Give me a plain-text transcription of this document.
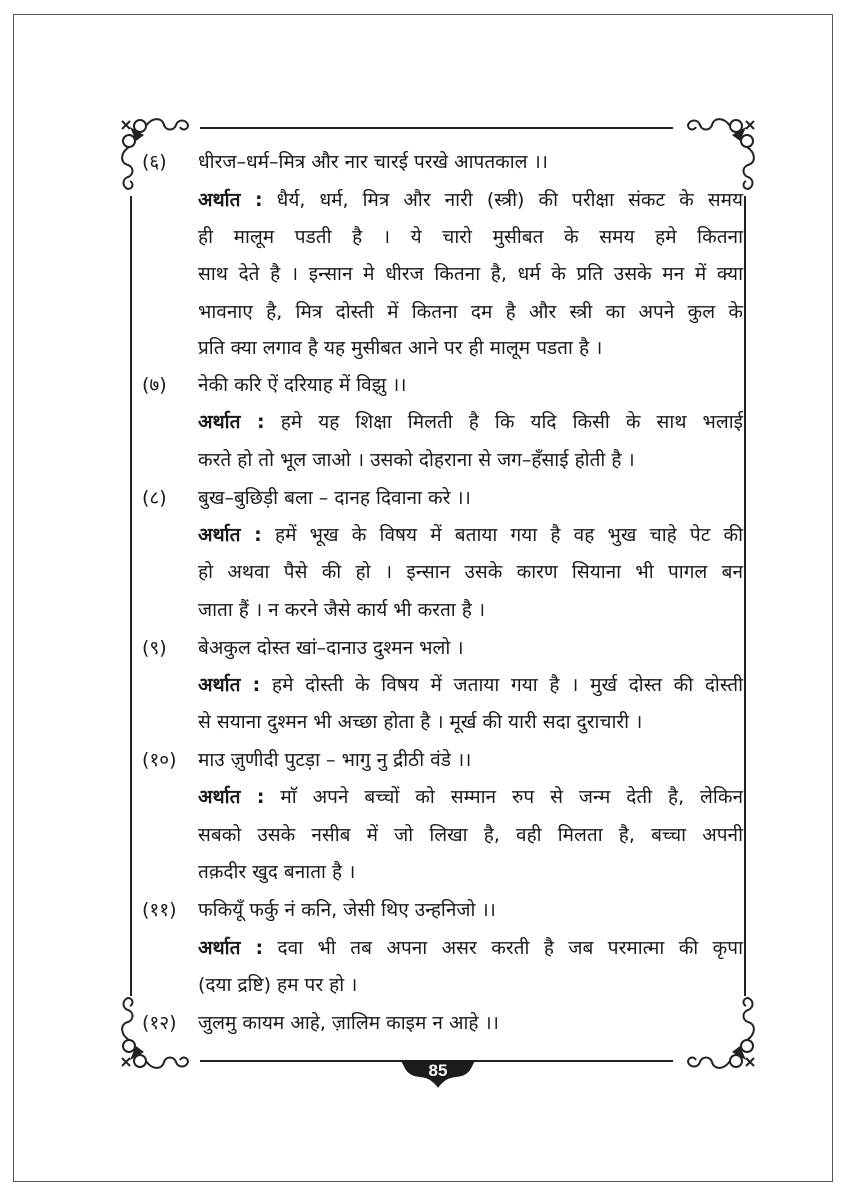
(६) धीरज–धर्म–मित्र और नार चारई परखे आपतकाल ।।
अर्थात : धैर्य, धर्म, मित्र और नारी (स्त्री) की परीक्षा संकट के समय
ही मालूम पडती है । ये चारो मुसीबत के समय हमे कितना
साथ देते है । इन्सान मे धीरज कितना है, धर्म के प्रति उसके मन में क्या
भावनाए है, मित्र दोस्ती में कितना दम है और स्त्री का अपने कुल के
प्रति क्या लगाव है यह मुसीबत आने पर ही मालूम पडता है ।
(७) नेकी करि ऐं दरियाह में विझु ।।
अर्थात : हमे यह शिक्षा मिलती है कि यदि किसी के साथ भलाई
करते हो तो भूल जाओ । उसको दोहराना से जग–हँसाई होती है ।
(८) बुख–बुछिड़ी बला – दानह दिवाना करे ।।
अर्थात : हमें भूख के विषय में बताया गया है वह भुख चाहे पेट की
हो अथवा पैसे की हो । इन्सान उसके कारण सियाना भी पागल बन
जाता हैं । न करने जैसे कार्य भी करता है ।
(९) बेअकुल दोस्त खां–दानाउ दुश्मन भलो ।
अर्थात : हमे दोस्ती के विषय में जताया गया है । मुर्ख दोस्त की दोस्ती
से सयाना दुश्मन भी अच्छा होता है । मूर्ख की यारी सदा दुराचारी ।
(१०) माउ ज़ुणीदी पुटड़ा – भागु नु द्रीठी वंडे ।।
अर्थात : माॅ अपने बच्चों को सम्मान रुप से जन्म देती है, लेकिन
सबको उसके नसीब में जो लिखा है, वही मिलता है, बच्चा अपनी
तक़दीर खुद बनाता है ।
(११) फकियूँ फर्कु नं कनि, जेसी थिए उन्हनिजो ।।
अर्थात : दवा भी तब अपना असर करती है जब परमात्मा की कृपा
(दया द्रष्टि) हम पर हो ।
(१२) जुलमु कायम आहे, ज़ालिम काइम न आहे ।।
85
